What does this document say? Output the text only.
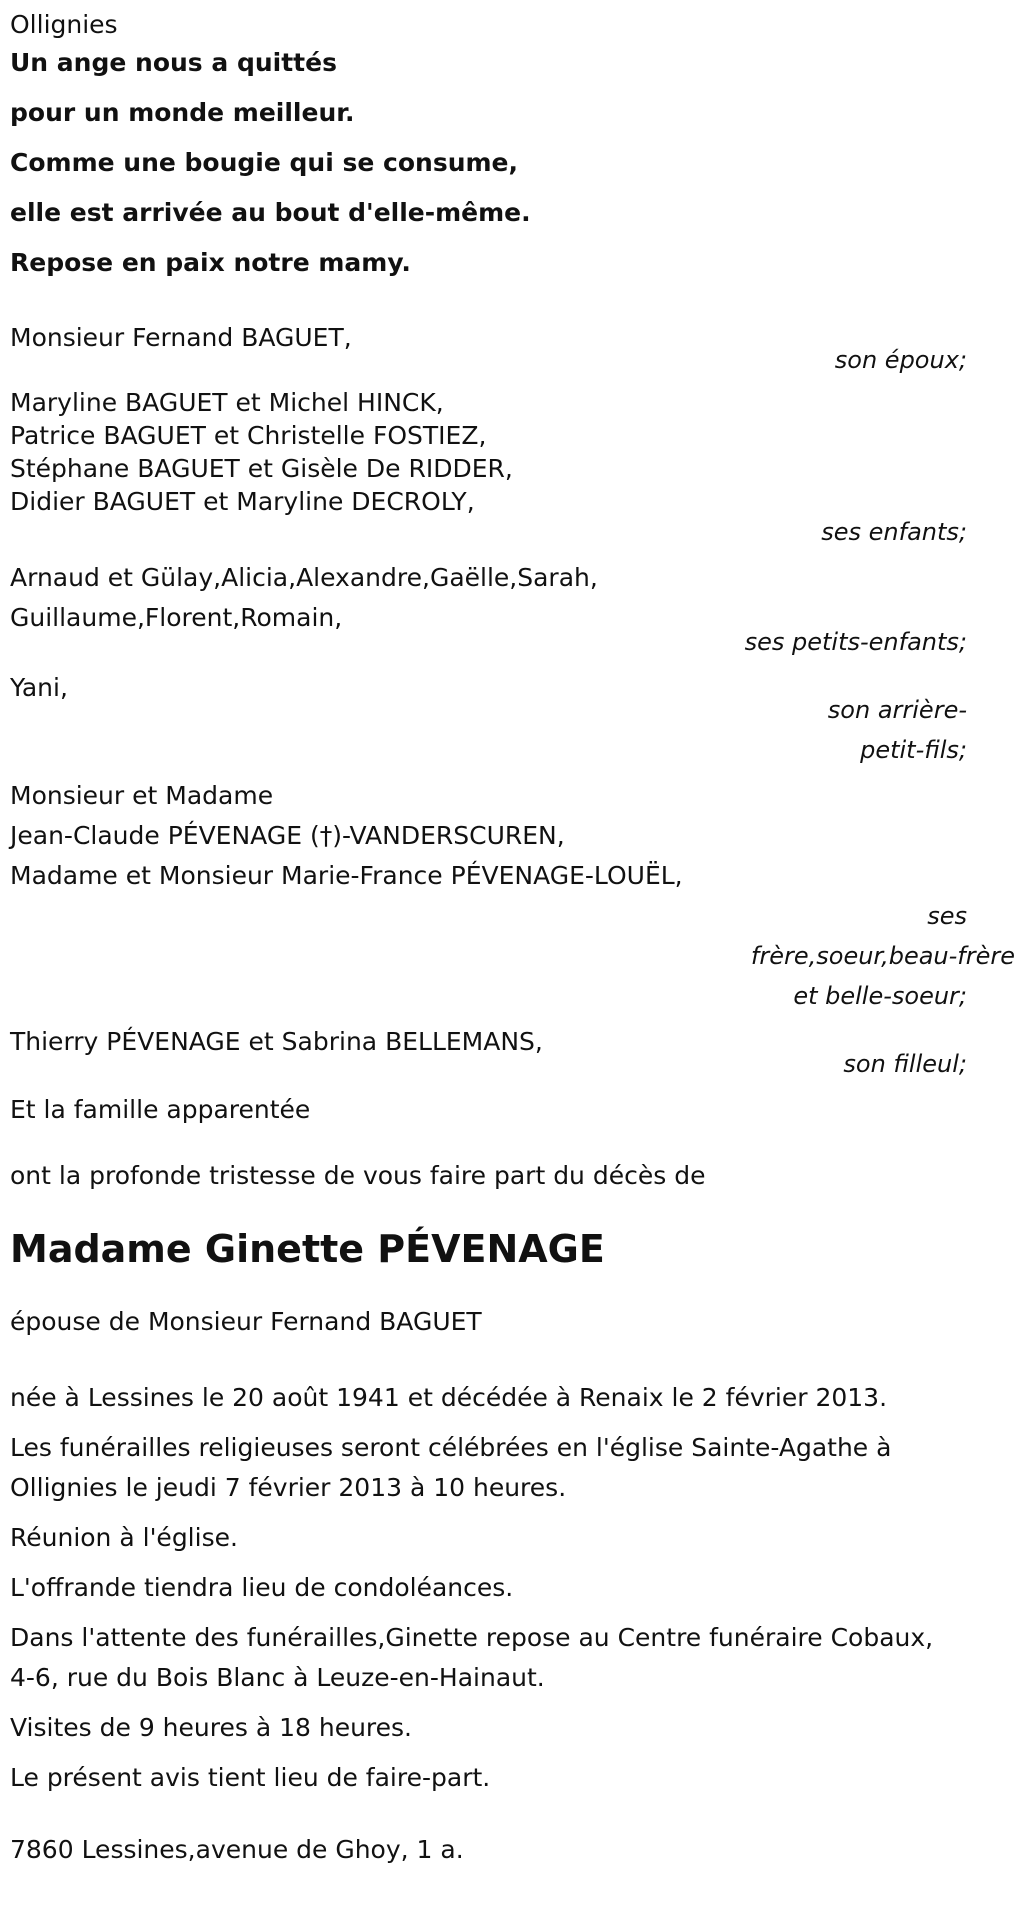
Ollignies
Un ange nous a quittés
pour un monde meilleur.
Comme une bougie qui se consume,
elle est arrivée au bout d'elle-même.
Repose en paix notre mamy.
Monsieur Fernand BAGUET,
son époux;
Maryline BAGUET et Michel HINCK,
Patrice BAGUET et Christelle FOSTIEZ,
Stéphane BAGUET et Gisèle De RIDDER,
Didier BAGUET et Maryline DECROLY,
ses enfants;
Arnaud et Gülay,Alicia,Alexandre,Gaëlle,Sarah,
Guillaume,Florent,Romain,
ses petits-enfants;
Yani,
son arrière-
petit-fils;
Monsieur et Madame
Jean-Claude PÉVENAGE (†)-VANDERSCUREN,
Madame et Monsieur Marie-France PÉVENAGE-LOUËL,
ses
frère,soeur,beau-frère
et belle-soeur;
Thierry PÉVENAGE et Sabrina BELLEMANS,
son filleul;
Et la famille apparentée
ont la profonde tristesse de vous faire part du décès de
Madame Ginette PÉVENAGE
épouse de Monsieur Fernand BAGUET
née à Lessines le 20 août 1941 et décédée à Renaix le 2 février 2013.
Les funérailles religieuses seront célébrées en l'église Sainte-Agathe à
Ollignies le jeudi 7 février 2013 à 10 heures.
Réunion à l'église.
L'offrande tiendra lieu de condoléances.
Dans l'attente des funérailles,Ginette repose au Centre funéraire Cobaux,
4-6, rue du Bois Blanc à Leuze-en-Hainaut.
Visites de 9 heures à 18 heures.
Le présent avis tient lieu de faire-part.
7860 Lessines,avenue de Ghoy, 1 a.
